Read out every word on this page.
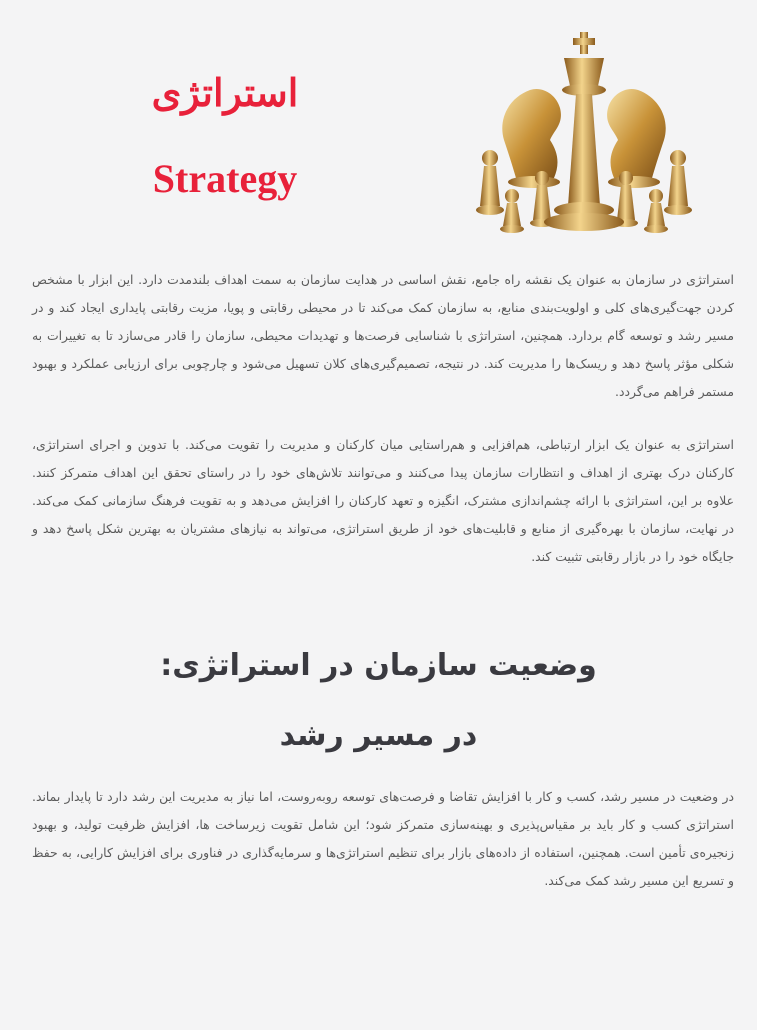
استراتژی
Strategy

استراتژی در سازمان به عنوان یک نقشه راه جامع، نقش اساسی در هدایت سازمان به سمت اهداف بلندمدت دارد. این ابزار با مشخص کردن جهت‌گیری‌های کلی و اولویت‌بندی منابع، به سازمان کمک می‌کند تا در محیطی رقابتی و پویا، مزیت رقابتی پایداری ایجاد کند و در مسیر رشد و توسعه گام بردارد. همچنین، استراتژی با شناسایی فرصت‌ها و تهدیدات محیطی، سازمان را قادر می‌سازد تا به تغییرات به شکلی مؤثر پاسخ دهد و ریسک‌ها را مدیریت کند. در نتیجه، تصمیم‌گیری‌های کلان تسهیل می‌شود و چارچوبی برای ارزیابی عملکرد و بهبود مستمر فراهم می‌گردد.

استراتژی به عنوان یک ابزار ارتباطی، هم‌افزایی و هم‌راستایی میان کارکنان و مدیریت را تقویت می‌کند. با تدوین و اجرای استراتژی، کارکنان درک بهتری از اهداف و انتظارات سازمان پیدا می‌کنند و می‌توانند تلاش‌های خود را در راستای تحقق این اهداف متمرکز کنند. علاوه بر این، استراتژی با ارائه چشم‌اندازی مشترک، انگیزه و تعهد کارکنان را افزایش می‌دهد و به تقویت فرهنگ سازمانی کمک می‌کند. در نهایت، سازمان با بهره‌گیری از منابع و قابلیت‌های خود از طریق استراتژی، می‌تواند به نیازهای مشتریان به بهترین شکل پاسخ دهد و جایگاه خود را در بازار رقابتی تثبیت کند.

وضعیت سازمان در استراتژی:
در مسیر رشد

در وضعیت در مسیر رشد، کسب و کار با افزایش تقاضا و فرصت‌های توسعه روبه‌روست، اما نیاز به مدیریت این رشد دارد تا پایدار بماند. استراتژی کسب و کار باید بر مقیاس‌پذیری و بهینه‌سازی متمرکز شود؛ این شامل تقویت زیرساخت ها، افزایش ظرفیت تولید، و بهبود زنجیره‌ی تأمین است. همچنین، استفاده از داده‌های بازار برای تنظیم استراتژی‌ها و سرمایه‌گذاری در فناوری برای افزایش کارایی، به حفظ و تسریع این مسیر رشد کمک می‌کند.
